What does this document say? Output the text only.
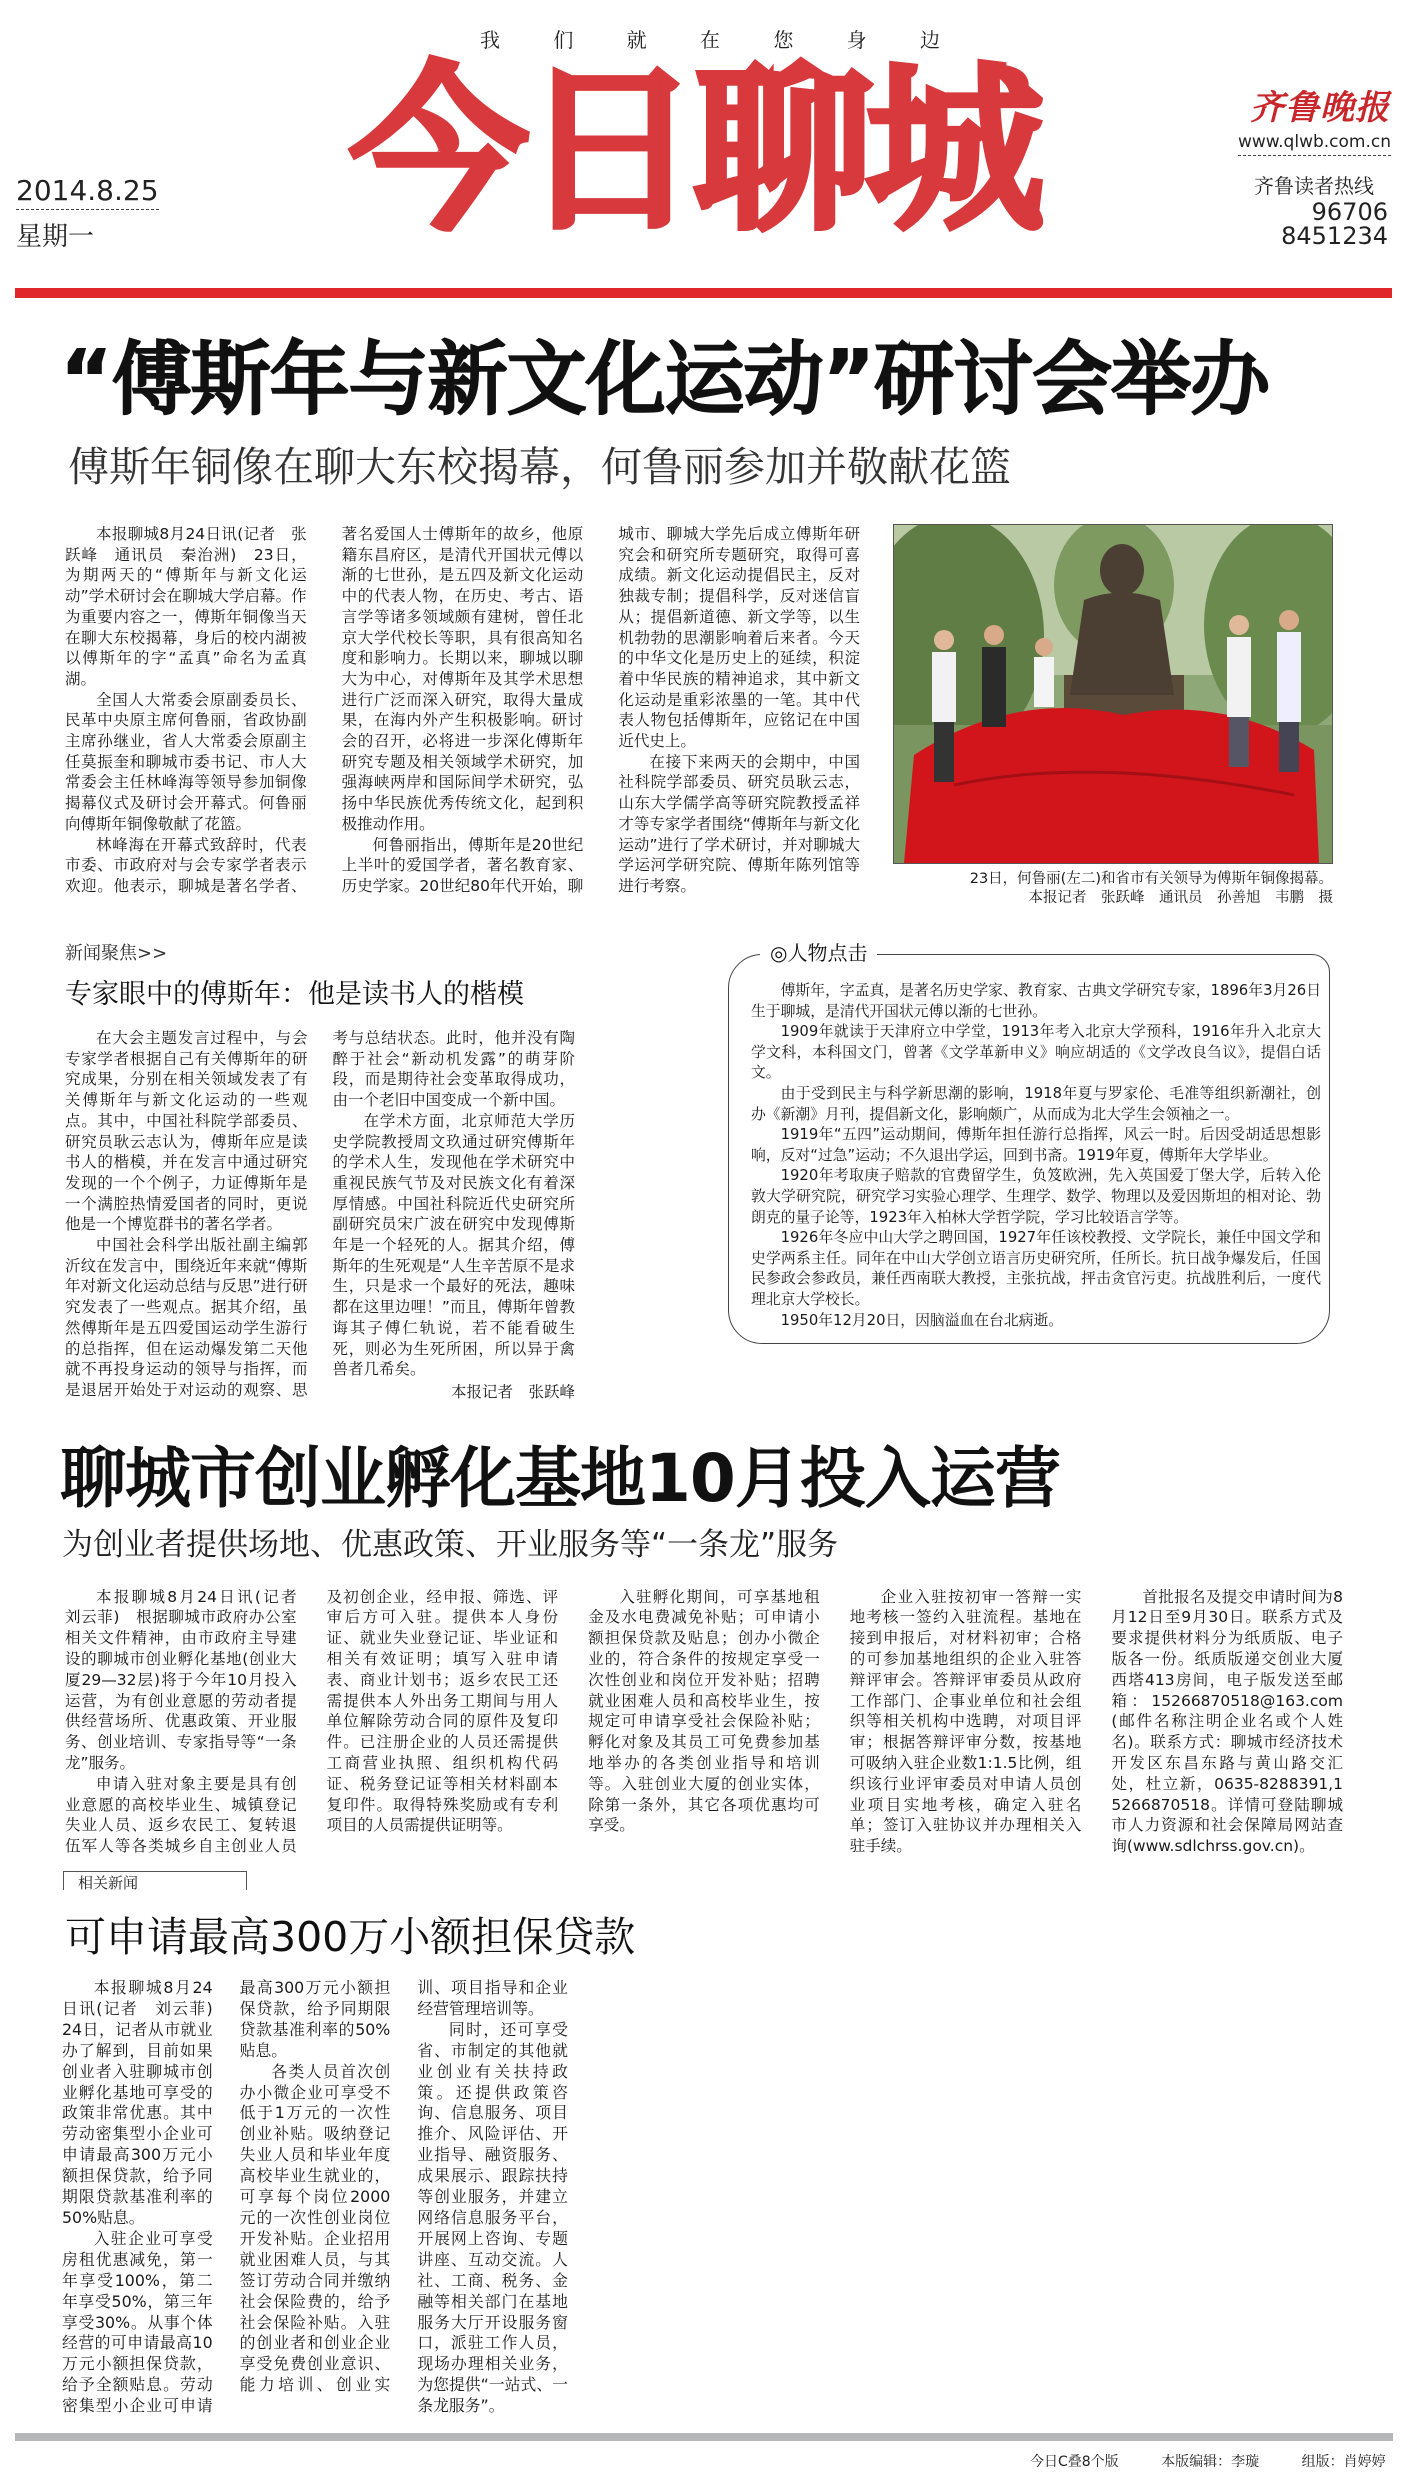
我	们	就	在	您	身	边
今日聊城
2014.8.25
星期一
齐鲁晚报
www.qlwb.com.cn
齐鲁读者热线
96706
8451234
“傅斯年与新文化运动”研讨会举办
傅斯年铜像在聊大东校揭幕，何鲁丽参加并敬献花篮

本报聊城8月24日讯(记者　张跃峰　通讯员　秦治洲)　23日，为期两天的“傅斯年与新文化运动”学术研讨会在聊城大学启幕。作为重要内容之一，傅斯年铜像当天在聊大东校揭幕，身后的校内湖被以傅斯年的字“孟真”命名为孟真湖。

全国人大常委会原副委员长、民革中央原主席何鲁丽，省政协副主席孙继业，省人大常委会原副主任莫振奎和聊城市委书记、市人大常委会主任林峰海等领导参加铜像揭幕仪式及研讨会开幕式。何鲁丽向傅斯年铜像敬献了花篮。

林峰海在开幕式致辞时，代表市委、市政府对与会专家学者表示欢迎。他表示，聊城是著名学者、著名爱国人士傅斯年的故乡，他原籍东昌府区，是清代开国状元傅以渐的七世孙，是五四及新文化运动中的代表人物，在历史、考古、语言学等诸多领域颇有建树，曾任北京大学代校长等职，具有很高知名度和影响力。长期以来，聊城以聊大为中心，对傅斯年及其学术思想进行广泛而深入研究，取得大量成果，在海内外产生积极影响。研讨会的召开，必将进一步深化傅斯年研究专题及相关领域学术研究，加强海峡两岸和国际间学术研究，弘扬中华民族优秀传统文化，起到积极推动作用。

何鲁丽指出，傅斯年是20世纪上半叶的爱国学者，著名教育家、历史学家。20世纪80年代开始，聊城市、聊城大学先后成立傅斯年研究会和研究所专题研究，取得可喜成绩。新文化运动提倡民主，反对独裁专制；提倡科学，反对迷信盲从；提倡新道德、新文学等，以生机勃勃的思潮影响着后来者。今天的中华文化是历史上的延续，积淀着中华民族的精神追求，其中新文化运动是重彩浓墨的一笔。其中代表人物包括傅斯年，应铭记在中国近代史上。

在接下来两天的会期中，中国社科院学部委员、研究员耿云志，山东大学儒学高等研究院教授孟祥才等专家学者围绕“傅斯年与新文化运动”进行了学术研讨，并对聊城大学运河学研究院、傅斯年陈列馆等进行考察。	23日，何鲁丽(左二)和省市有关领导为傅斯年铜像揭幕。
本报记者　张跃峰　通讯员　孙善旭　韦鹏　摄
新闻聚焦>>
专家眼中的傅斯年：他是读书人的楷模

在大会主题发言过程中，与会专家学者根据自己有关傅斯年的研究成果，分别在相关领域发表了有关傅斯年与新文化运动的一些观点。其中，中国社科院学部委员、研究员耿云志认为，傅斯年应是读书人的楷模，并在发言中通过研究发现的一个个例子，力证傅斯年是一个满腔热情爱国者的同时，更说他是一个博览群书的著名学者。

中国社会科学出版社副主编郭沂纹在发言中，围绕近年来就“傅斯年对新文化运动总结与反思”进行研究发表了一些观点。据其介绍，虽然傅斯年是五四爱国运动学生游行的总指挥，但在运动爆发第二天他就不再投身运动的领导与指挥，而是退居开始处于对运动的观察、思考与总结状态。此时，他并没有陶醉于社会“新动机发露”的萌芽阶段，而是期待社会变革取得成功，由一个老旧中国变成一个新中国。

在学术方面，北京师范大学历史学院教授周文玖通过研究傅斯年的学术人生，发现他在学术研究中重视民族气节及对民族文化有着深厚情感。中国社科院近代史研究所副研究员宋广波在研究中发现傅斯年是一个轻死的人。据其介绍，傅斯年的生死观是“人生辛苦原不是求生，只是求一个最好的死法，趣味都在这里边哩！”而且，傅斯年曾教诲其子傅仁轨说，若不能看破生死，则必为生死所困，所以异于禽兽者几希矣。

本报记者　张跃峰

傅斯年，字孟真，是著名历史学家、教育家、古典文学研究专家，1896年3月26日生于聊城，是清代开国状元傅以渐的七世孙。

1909年就读于天津府立中学堂，1913年考入北京大学预科，1916年升入北京大学文科，本科国文门，曾著《文学革新申义》响应胡适的《文学改良刍议》，提倡白话文。

由于受到民主与科学新思潮的影响，1918年夏与罗家伦、毛准等组织新潮社，创办《新潮》月刊，提倡新文化，影响颇广，从而成为北大学生会领袖之一。

1919年“五四”运动期间，傅斯年担任游行总指挥，风云一时。后因受胡适思想影响，反对“过急”运动；不久退出学运，回到书斋。1919年夏，傅斯年大学毕业。

1920年考取庚子赔款的官费留学生，负笈欧洲，先入英国爱丁堡大学，后转入伦敦大学研究院，研究学习实验心理学、生理学、数学、物理以及爱因斯坦的相对论、勃朗克的量子论等，1923年入柏林大学哲学院，学习比较语言学等。

1926年冬应中山大学之聘回国，1927年任该校教授、文学院长，兼任中国文学和史学两系主任。同年在中山大学创立语言历史研究所，任所长。抗日战争爆发后，任国民参政会参政员，兼任西南联大教授，主张抗战，抨击贪官污吏。抗战胜利后，一度代理北京大学校长。

1950年12月20日，因脑溢血在台北病逝。

◎人物点击
聊城市创业孵化基地10月投入运营
为创业者提供场地、优惠政策、开业服务等“一条龙”服务

本报聊城8月24日讯(记者　刘云菲)　根据聊城市政府办公室相关文件精神，由市政府主导建设的聊城市创业孵化基地(创业大厦29—32层)将于今年10月投入运营，为有创业意愿的劳动者提供经营场所、优惠政策、开业服务、创业培训、专家指导等“一条龙”服务。

申请入驻对象主要是具有创业意愿的高校毕业生、城镇登记失业人员、返乡农民工、复转退伍军人等各类城乡自主创业人员及初创企业，经申报、筛选、评审后方可入驻。提供本人身份证、就业失业登记证、毕业证和相关有效证明；填写入驻申请表、商业计划书；返乡农民工还需提供本人外出务工期间与用人单位解除劳动合同的原件及复印件。已注册企业的人员还需提供工商营业执照、组织机构代码证、税务登记证等相关材料副本复印件。取得特殊奖励或有专利项目的人员需提供证明等。

入驻孵化期间，可享基地租金及水电费减免补贴；可申请小额担保贷款及贴息；创办小微企业的，符合条件的按规定享受一次性创业和岗位开发补贴；招聘就业困难人员和高校毕业生，按规定可申请享受社会保险补贴；孵化对象及其员工可免费参加基地举办的各类创业指导和培训等。入驻创业大厦的创业实体，除第一条外，其它各项优惠均可享受。

企业入驻按初审一答辩一实地考核一签约入驻流程。基地在接到申报后，对材料初审；合格的可参加基地组织的企业入驻答辩评审会。答辩评审委员从政府工作部门、企事业单位和社会组织等相关机构中选聘，对项目评审；根据答辩评审分数，按基地可吸纳入驻企业数1:1.5比例，组织该行业评审委员对申请人员创业项目实地考核，确定入驻名单；签订入驻协议并办理相关入驻手续。

首批报名及提交申请时间为8月12日至9月30日。联系方式及要求提供材料分为纸质版、电子版各一份。纸质版递交创业大厦西塔413房间，电子版发送至邮箱：15266870518@163.com(邮件名称注明企业名或个人姓名)。联系方式：聊城市经济技术开发区东昌东路与黄山路交汇处，杜立新，0635-8288391,15266870518。详情可登陆聊城市人力资源和社会保障局网站查询(www.sdlchrss.gov.cn)。

相关新闻
可申请最高300万小额担保贷款

本报聊城8月24日讯(记者　刘云菲)　24日，记者从市就业办了解到，目前如果创业者入驻聊城市创业孵化基地可享受的政策非常优惠。其中劳动密集型小企业可申请最高300万元小额担保贷款，给予同期限贷款基准利率的50%贴息。

入驻企业可享受房租优惠减免，第一年享受100%，第二年享受50%，第三年享受30%。从事个体经营的可申请最高10万元小额担保贷款，给予全额贴息。劳动密集型小企业可申请最高300万元小额担保贷款，给予同期限贷款基准利率的50%贴息。

各类人员首次创办小微企业可享受不低于1万元的一次性创业补贴。吸纳登记失业人员和毕业年度高校毕业生就业的，可享每个岗位2000元的一次性创业岗位开发补贴。企业招用就业困难人员，与其签订劳动合同并缴纳社会保险费的，给予社会保险补贴。入驻的创业者和创业企业享受免费创业意识、能力培训、创业实训、项目指导和企业经营管理培训等。

同时，还可享受省、市制定的其他就业创业有关扶持政策。还提供政策咨询、信息服务、项目推介、风险评估、开业指导、融资服务、成果展示、跟踪扶持等创业服务，并建立网络信息服务平台，开展网上咨询、专题讲座、互动交流。人社、工商、税务、金融等相关部门在基地服务大厅开设服务窗口，派驻工作人员，现场办理相关业务，为您提供“一站式、一条龙服务”。

今日C叠8个版	本版编辑：李璇	组版：肖婷婷
